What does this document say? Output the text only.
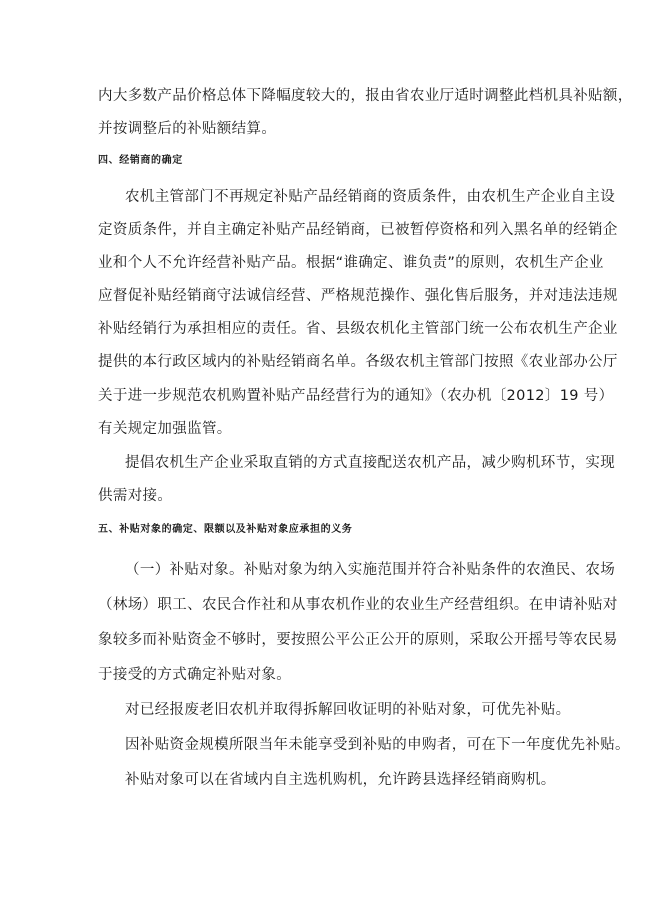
内大多数产品价格总体下降幅度较大的，报由省农业厅适时调整此档机具补贴额，
并按调整后的补贴额结算。
四、经销商的确定
农机主管部门不再规定补贴产品经销商的资质条件，由农机生产企业自主设
定资质条件，并自主确定补贴产品经销商，已被暂停资格和列入黑名单的经销企
业和个人不允许经营补贴产品。根据“谁确定、谁负责”的原则，农机生产企业
应督促补贴经销商守法诚信经营、严格规范操作、强化售后服务，并对违法违规
补贴经销行为承担相应的责任。省、县级农机化主管部门统一公布农机生产企业
提供的本行政区域内的补贴经销商名单。各级农机主管部门按照《农业部办公厅
关于进一步规范农机购置补贴产品经营行为的通知》（农办机〔2012〕19 号）
有关规定加强监管。
提倡农机生产企业采取直销的方式直接配送农机产品，减少购机环节，实现
供需对接。
五、补贴对象的确定、限额以及补贴对象应承担的义务
（一）补贴对象。补贴对象为纳入实施范围并符合补贴条件的农渔民、农场
（林场）职工、农民合作社和从事农机作业的农业生产经营组织。在申请补贴对
象较多而补贴资金不够时，要按照公平公正公开的原则，采取公开摇号等农民易
于接受的方式确定补贴对象。
对已经报废老旧农机并取得拆解回收证明的补贴对象，可优先补贴。
因补贴资金规模所限当年未能享受到补贴的申购者，可在下一年度优先补贴。
补贴对象可以在省域内自主选机购机，允许跨县选择经销商购机。
